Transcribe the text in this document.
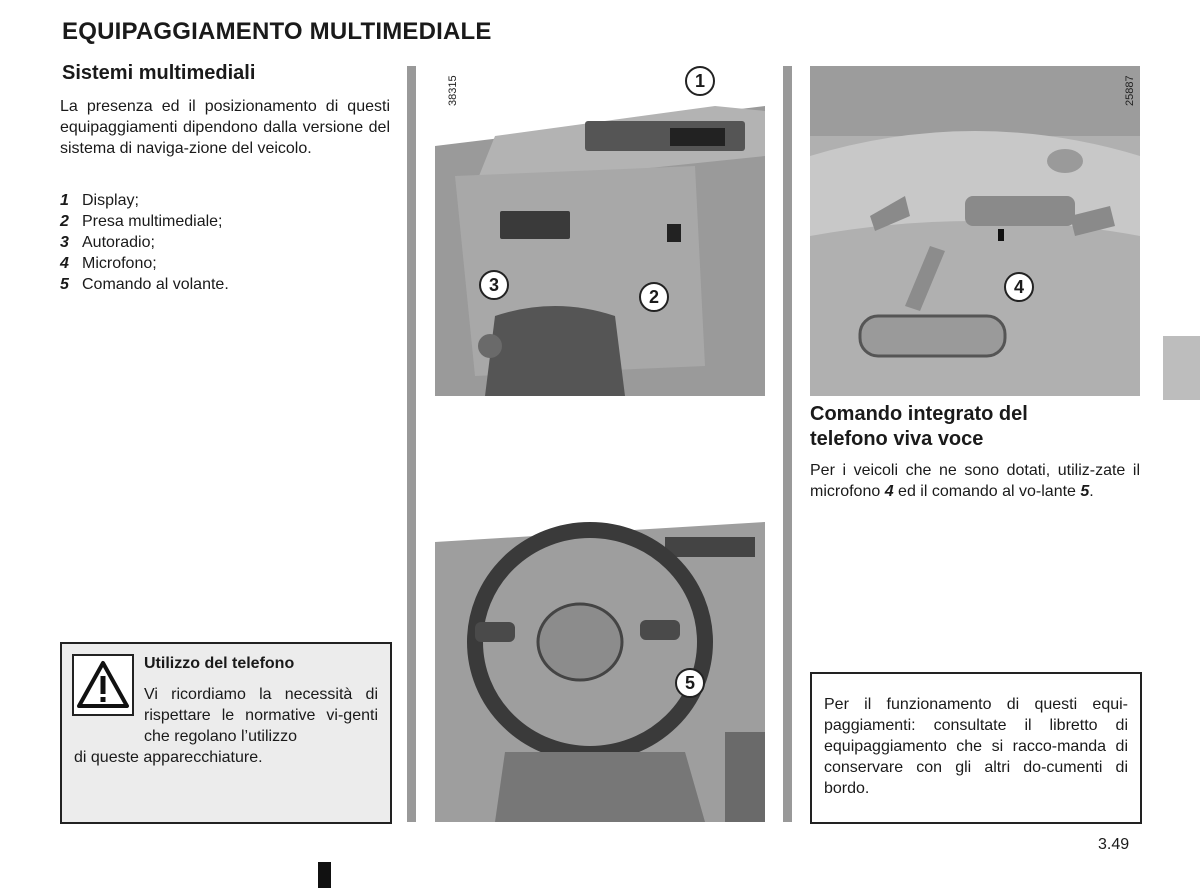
EQUIPAGGIAMENTO MULTIMEDIALE
Sistemi multimediali
La presenza ed il posizionamento di questi equipaggiamenti dipendono dalla versione del sistema di naviga-zione del veicolo.
1 Display;
2 Presa multimediale;
3 Autoradio;
4 Microfono;
5 Comando al volante.
38315	1
3
2
5
25887
4
Utilizzo del telefono
Vi ricordiamo la necessità di rispettare le normative vi-genti che regolano l’utilizzo
di queste apparecchiature.
Comando integrato del
telefono viva voce
Per i veicoli che ne sono dotati, utiliz-zate il microfono 4 ed il comando al vo-lante 5.
Per il funzionamento di questi equi-paggiamenti: consultate il libretto di equipaggiamento che si racco-manda di conservare con gli altri do-cumenti di bordo.
3.49
